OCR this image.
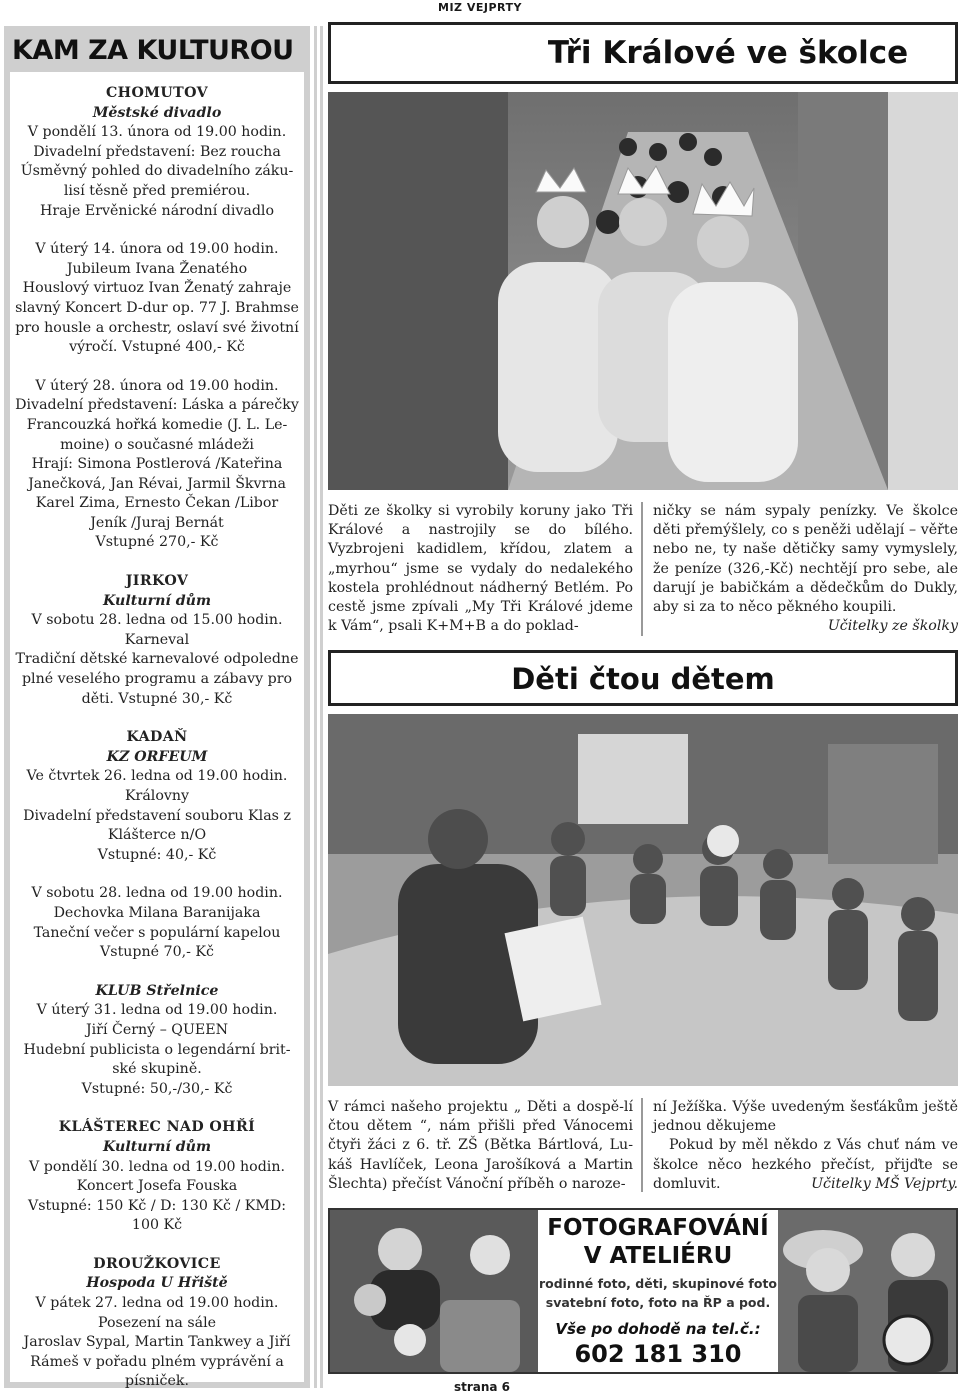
MIZ VEJPRTY
KAM ZA KULTUROU

CHOMUTOV

Městské divadlo

V pondělí 13. února od 19.00 hodin.

Divadelní představení: Bez roucha

Úsměvný pohled do divadelního záku-

lisí těsně před premiérou.

Hraje Ervěnické národní divadlo

V úterý 14. února od 19.00 hodin.

Jubileum Ivana Ženatého

Houslový virtuoz Ivan Ženatý zahraje

slavný Koncert D-dur op. 77 J. Brahmse

pro housle a orchestr, oslaví své životní

výročí. Vstupné 400,- Kč

V úterý 28. února od 19.00 hodin.

Divadelní představení: Láska a párečky

Francouzká hořká komedie (J. L. Le-

moine) o současné mládeži

Hrají: Simona Postlerová /Kateřina

Janečková, Jan Révai, Jarmil Škvrna

Karel Zima, Ernesto Čekan /Libor

Jeník /Juraj Bernát

Vstupné 270,- Kč

JIRKOV

Kulturní dům

V sobotu 28. ledna od 15.00 hodin.

Karneval

Tradiční dětské karnevalové odpoledne

plné veselého programu a zábavy pro

děti. Vstupné 30,- Kč

KADAŇ

KZ ORFEUM

Ve čtvrtek 26. ledna od 19.00 hodin.

Královny

Divadelní představení souboru Klas z

Klášterce n/O

Vstupné: 40,- Kč

V sobotu 28. ledna od 19.00 hodin.

Dechovka Milana Baranijaka

Taneční večer s populární kapelou

Vstupné 70,- Kč

KLUB Střelnice

V úterý 31. ledna od 19.00 hodin.

Jiří Černý – QUEEN

Hudební publicista o legendární brit-

ské skupině.

Vstupné: 50,-/30,- Kč

KLÁŠTEREC NAD OHŘÍ

Kulturní dům

V pondělí 30. ledna od 19.00 hodin.

Koncert Josefa Fouska

Vstupné: 150 Kč / D: 130 Kč / KMD:

100 Kč

DROUŽKOVICE

Hospoda U Hřiště

V pátek 27. ledna od 19.00 hodin.

Posezení na sále

Jaroslav Sypal, Martin Tankwey a Jiří

Rámeš v pořadu plném vyprávění a

písniček.

Tři Králové ve školce

Děti ze školky si vyrobily koruny jako Tři Králové a nastrojily se do bílého. Vyzbrojeni kadidlem, křídou, zlatem a „myrhou“ jsme se vydaly do nedalekého kostela prohlédnout nádherný Betlém. Po cestě jsme zpívali „My Tři Králové jdeme k Vám“, psali K+M+B a do poklad-

ničky se nám sypaly penízky. Ve školce děti přemýšlely, co s peněži udělají – věřte nebo ne, ty naše dětičky samy vymyslely, že peníze (326,-Kč) nechtějí pro sebe, ale darují je babičkám a dědečkům do Dukly, aby si za to něco pěkného koupili.

Učitelky ze školky

Děti čtou dětem

V rámci našeho projektu „ Děti a dospě-lí čtou dětem “, nám přišli před Vánocemi čtyři žáci z 6. tř. ZŠ (Bětka Bártlová, Lu-káš Havlíček, Leona Jarošíková a Martin Šlechta) přečíst Vánoční příběh o naroze-

ní Ježíška. Výše uvedeným šesťákům ještě jednou děkujeme

Pokud by měl někdo z Vás chuť nám ve školce něco hezkého přečíst, přijďte se domluvit.	Učitelky MŠ Vejprty.

FOTOGRAFOVÁNÍ
V ATELIÉRU
rodinné foto, děti, skupinové foto
svatební foto, foto na ŘP a pod.
Vše po dohodě na tel.č.:
602 181 310
strana 6
